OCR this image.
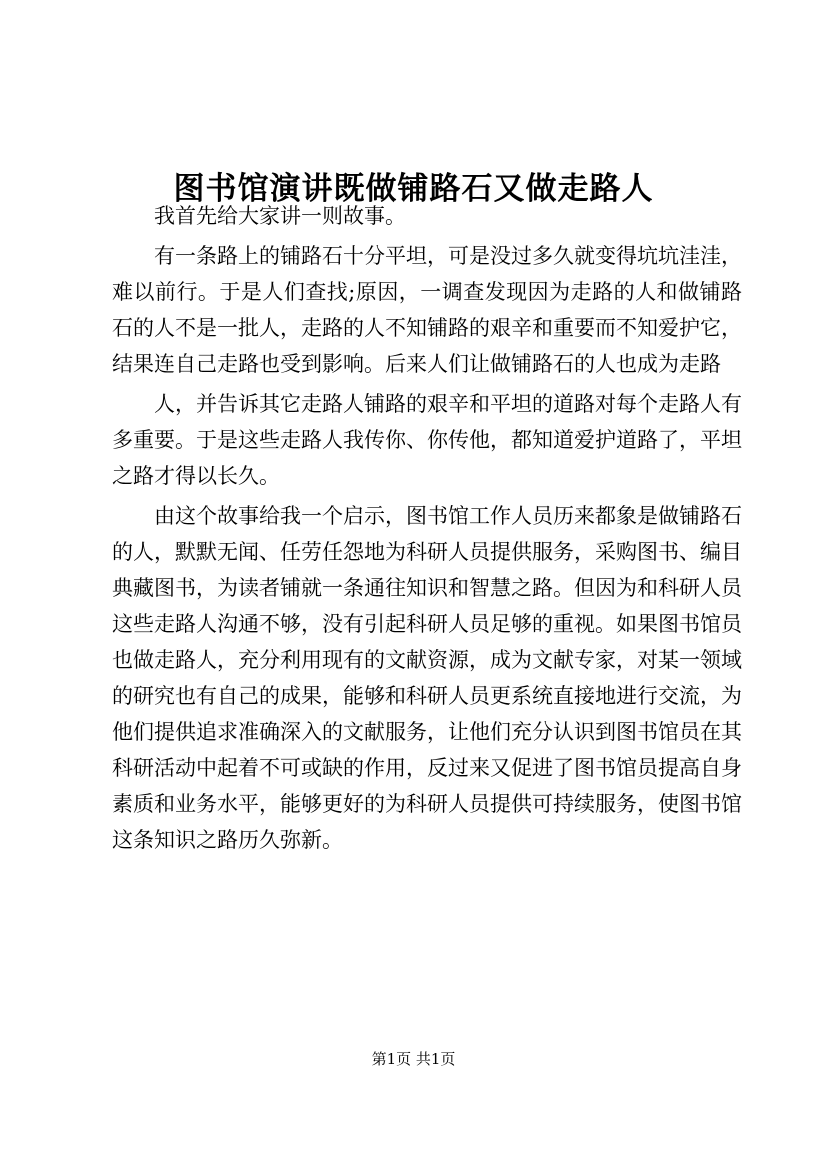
图书馆演讲既做铺路石又做走路人

我首先给大家讲一则故事。

有一条路上的铺路石十分平坦，可是没过多久就变得坑坑洼洼，难以前行。于是人们查找;原因，一调查发现因为走路的人和做铺路石的人不是一批人，走路的人不知铺路的艰辛和重要而不知爱护它，结果连自己走路也受到影响。后来人们让做铺路石的人也成为走路

人，并告诉其它走路人铺路的艰辛和平坦的道路对每个走路人有多重要。于是这些走路人我传你、你传他，都知道爱护道路了，平坦之路才得以长久。

由这个故事给我一个启示，图书馆工作人员历来都象是做铺路石的人，默默无闻、任劳任怨地为科研人员提供服务，采购图书、编目典藏图书，为读者铺就一条通往知识和智慧之路。但因为和科研人员这些走路人沟通不够，没有引起科研人员足够的重视。如果图书馆员也做走路人，充分利用现有的文献资源，成为文献专家，对某一领域的研究也有自己的成果，能够和科研人员更系统直接地进行交流，为他们提供追求准确深入的文献服务，让他们充分认识到图书馆员在其科研活动中起着不可或缺的作用，反过来又促进了图书馆员提高自身素质和业务水平，能够更好的为科研人员提供可持续服务，使图书馆这条知识之路历久弥新。

第1页 共1页
